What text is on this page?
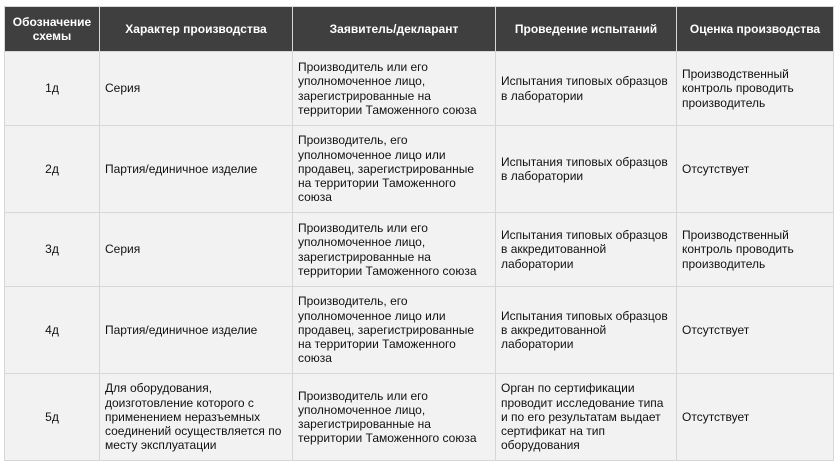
Обозначение схемы	Характер производства	Заявитель/декларант	Проведение испытаний	Оценка производства
1д	Серия	Производитель или его уполномоченное лицо, зарегистрированные на территории Таможенного союза	Испытания типовых образцов в лаборатории	Производственный контроль проводить производитель
2д	Партия/единичное изделие	Производитель, его уполномоченное лицо или продавец, зарегистрированные на территории Таможенного союза	Испытания типовых образцов в лаборатории	Отсутствует
3д	Серия	Производитель или его уполномоченное лицо, зарегистрированные на территории Таможенного союза	Испытания типовых образцов в аккредитованной лаборатории	Производственный контроль проводить производитель
4д	Партия/единичное изделие	Производитель, его уполномоченное лицо или продавец, зарегистрированные на территории Таможенного союза	Испытания типовых образцов в аккредитованной лаборатории	Отсутствует
5д	Для оборудования, доизготовление которого с применением неразъемных соединений осуществляется по месту эксплуатации	Производитель или его уполномоченное лицо, зарегистрированные на территории Таможенного союза	Орган по сертификации проводит исследование типа и по его результатам выдает сертификат на тип оборудования	Отсутствует
